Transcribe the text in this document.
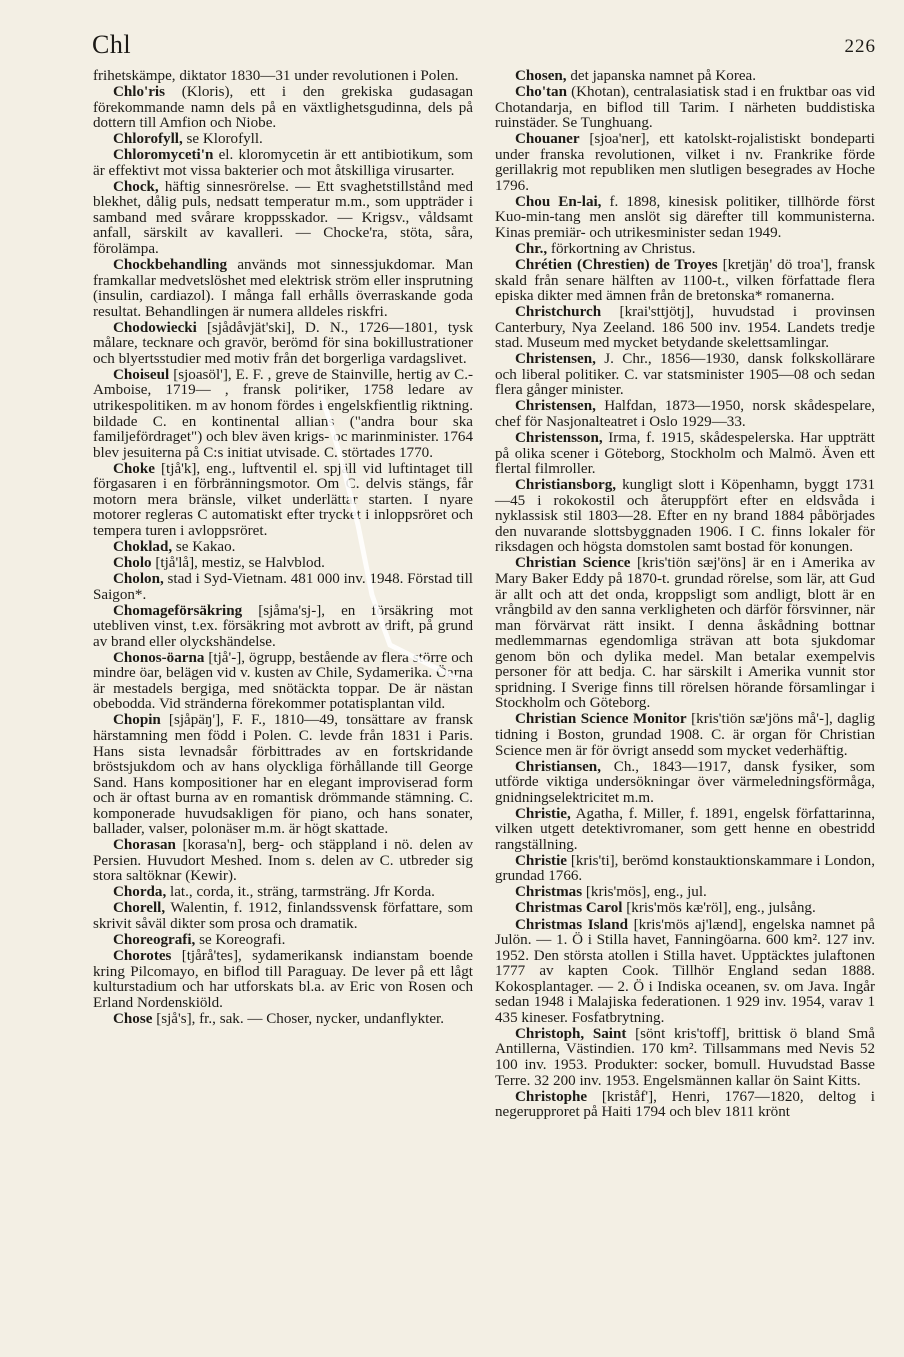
Chl	226

frihetskämpe, diktator 1830—31 under revolutionen i Polen.

Chlo'ris (Kloris), ett i den grekiska gudasagan förekommande namn dels på en växtlighetsgudinna, dels på dottern till Amfion och Niobe.

Chlorofyll, se Klorofyll.

Chloromyceti'n el. kloromycetin är ett antibiotikum, som är effektivt mot vissa bakterier och mot åtskilliga virusarter.

Chock, häftig sinnesrörelse. — Ett svaghetstillstånd med blekhet, dålig puls, nedsatt temperatur m.m., som uppträder i samband med svårare kroppsskador. — Krigsv., våldsamt anfall, särskilt av kavalleri. — Chocke'ra, stöta, såra, förolämpa.

Chockbehandling används mot sinnessjukdomar. Man framkallar medvetslöshet med elektrisk ström eller insprutning (insulin, cardiazol). I många fall erhålls överraskande goda resultat. Behandlingen är numera alldeles riskfri.

Chodowiecki [sjådåvjät'ski], D. N., 1726—1801, tysk målare, tecknare och gravör, berömd för sina bokillustrationer och blyertsstudier med motiv från det borgerliga vardagslivet.

Choiseul [sjoasöl'], E. F. , greve de Stainville, hertig av C.-Amboise, 1719— , fransk politiker, 1758 ledare av utrikespolitiken. m av honom fördes i engelskfientlig riktning. bildade C. en kontinental allians ("andra bour ska familjefördraget") och blev även krigs- oc marinminister. 1764 blev jesuiterna på C:s initiat utvisade. C. störtades 1770.

Choke [tjå'k], eng., luftventil el. spjäll vid luftintaget till förgasaren i en förbränningsmotor. Om C. delvis stängs, får motorn mera bränsle, vilket underlättar starten. I nyare motorer regleras C automatiskt efter trycket i inloppsröret och tempera turen i avloppsröret.

Choklad, se Kakao.

Cholo [tjå'lå], mestiz, se Halvblod.

Cholon, stad i Syd-Vietnam. 481 000 inv. 1948. Förstad till Saigon*.

Chomageförsäkring [sjåma'sj-], en försäkring mot utebliven vinst, t.ex. försäkring mot avbrott av drift, på grund av brand eller olyckshändelse.

Chonos-öarna [tjå'-], ögrupp, bestående av flera större och mindre öar, belägen vid v. kusten av Chile, Sydamerika. Öarna är mestadels bergiga, med snötäckta toppar. De är nästan obebodda. Vid stränderna förekommer potatisplantan vild.

Chopin [sjåpäŋ'], F. F., 1810—49, tonsättare av fransk härstamning men född i Polen. C. levde från 1831 i Paris. Hans sista levnadsår förbittrades av en fortskridande bröstsjukdom och av hans olyckliga förhållande till George Sand. Hans kompositioner har en elegant improviserad form och är oftast burna av en romantisk drömmande stämning. C. komponerade huvudsakligen för piano, och hans sonater, ballader, valser, polonäser m.m. är högt skattade.

Chorasan [korasa'n], berg- och stäppland i nö. delen av Persien. Huvudort Meshed. Inom s. delen av C. utbreder sig stora saltöknar (Kewir).

Chorda, lat., corda, it., sträng, tarmsträng. Jfr Korda.

Chorell, Walentin, f. 1912, finlandssvensk författare, som skrivit såväl dikter som prosa och dramatik.

Choreografi, se Koreografi.

Chorotes [tjårå'tes], sydamerikansk indianstam boende kring Pilcomayo, en biflod till Paraguay. De lever på ett lågt kulturstadium och har utforskats bl.a. av Eric von Rosen och Erland Nordenskiöld.

Chose [sjå's], fr., sak. — Choser, nycker, undanflykter.

Chosen, det japanska namnet på Korea.

Cho'tan (Khotan), centralasiatisk stad i en fruktbar oas vid Chotandarja, en biflod till Tarim. I närheten buddistiska ruinstäder. Se Tunghuang.

Chouaner [sjoa'ner], ett katolskt-rojalistiskt bondeparti under franska revolutionen, vilket i nv. Frankrike förde gerillakrig mot republiken men slutligen besegrades av Hoche 1796.

Chou En-lai, f. 1898, kinesisk politiker, tillhörde först Kuo-min-tang men anslöt sig därefter till kommunisterna. Kinas premiär- och utrikesminister sedan 1949.

Chr., förkortning av Christus.

Chrétien (Chrestien) de Troyes [kretjäŋ' dö troa'], fransk skald från senare hälften av 1100-t., vilken författade flera episka dikter med ämnen från de bretonska* romanerna.

Christchurch [krai'sttjötj], huvudstad i provinsen Canterbury, Nya Zeeland. 186 500 inv. 1954. Landets tredje stad. Museum med mycket betydande skelettsamlingar.

Christensen, J. Chr., 1856—1930, dansk folkskollärare och liberal politiker. C. var statsminister 1905—08 och sedan flera gånger minister.

Christensen, Halfdan, 1873—1950, norsk skådespelare, chef för Nasjonalteatret i Oslo 1929—33.

Christensson, Irma, f. 1915, skådespelerska. Har uppträtt på olika scener i Göteborg, Stockholm och Malmö. Även ett flertal filmroller.

Christiansborg, kungligt slott i Köpenhamn, byggt 1731—45 i rokokostil och återuppfört efter en eldsvåda i nyklassisk stil 1803—28. Efter en ny brand 1884 påbörjades den nuvarande slottsbyggnaden 1906. I C. finns lokaler för riksdagen och högsta domstolen samt bostad för konungen.

Christian Science [kris'tiön sæj'öns] är en i Amerika av Mary Baker Eddy på 1870-t. grundad rörelse, som lär, att Gud är allt och att det onda, kroppsligt som andligt, blott är en vrångbild av den sanna verkligheten och därför försvinner, när man förvärvat rätt insikt. I denna åskådning bottnar medlemmarnas egendomliga strävan att bota sjukdomar genom bön och dylika medel. Man betalar exempelvis personer för att bedja. C. har särskilt i Amerika vunnit stor spridning. I Sverige finns till rörelsen hörande församlingar i Stockholm och Göteborg.

Christian Science Monitor [kris'tiön sæ'jöns må'-], daglig tidning i Boston, grundad 1908. C. är organ för Christian Science men är för övrigt ansedd som mycket vederhäftig.

Christiansen, Ch., 1843—1917, dansk fysiker, som utförde viktiga undersökningar över värmeledningsförmåga, gnidningselektricitet m.m.

Christie, Agatha, f. Miller, f. 1891, engelsk författarinna, vilken utgett detektivromaner, som gett henne en obestridd rangställning.

Christie [kris'ti], berömd konstauktionskammare i London, grundad 1766.

Christmas [kris'mös], eng., jul.

Christmas Carol [kris'mös kæ'röl], eng., julsång.

Christmas Island [kris'mös aj'lænd], engelska namnet på Julön. — 1. Ö i Stilla havet, Fanningöarna. 600 km². 127 inv. 1952. Den största atollen i Stilla havet. Upptäcktes julaftonen 1777 av kapten Cook. Tillhör England sedan 1888. Kokosplantager. — 2. Ö i Indiska oceanen, sv. om Java. Ingår sedan 1948 i Malajiska federationen. 1 929 inv. 1954, varav 1 435 kineser. Fosfatbrytning.

Christoph, Saint [sönt kris'toff], brittisk ö bland Små Antillerna, Västindien. 170 km². Tillsammans med Nevis 52 100 inv. 1953. Produkter: socker, bomull. Huvudstad Basse Terre. 32 200 inv. 1953. Engelsmännen kallar ön Saint Kitts.

Christophe [kriståf'], Henri, 1767—1820, deltog i negerupproret på Haiti 1794 och blev 1811 krönt
